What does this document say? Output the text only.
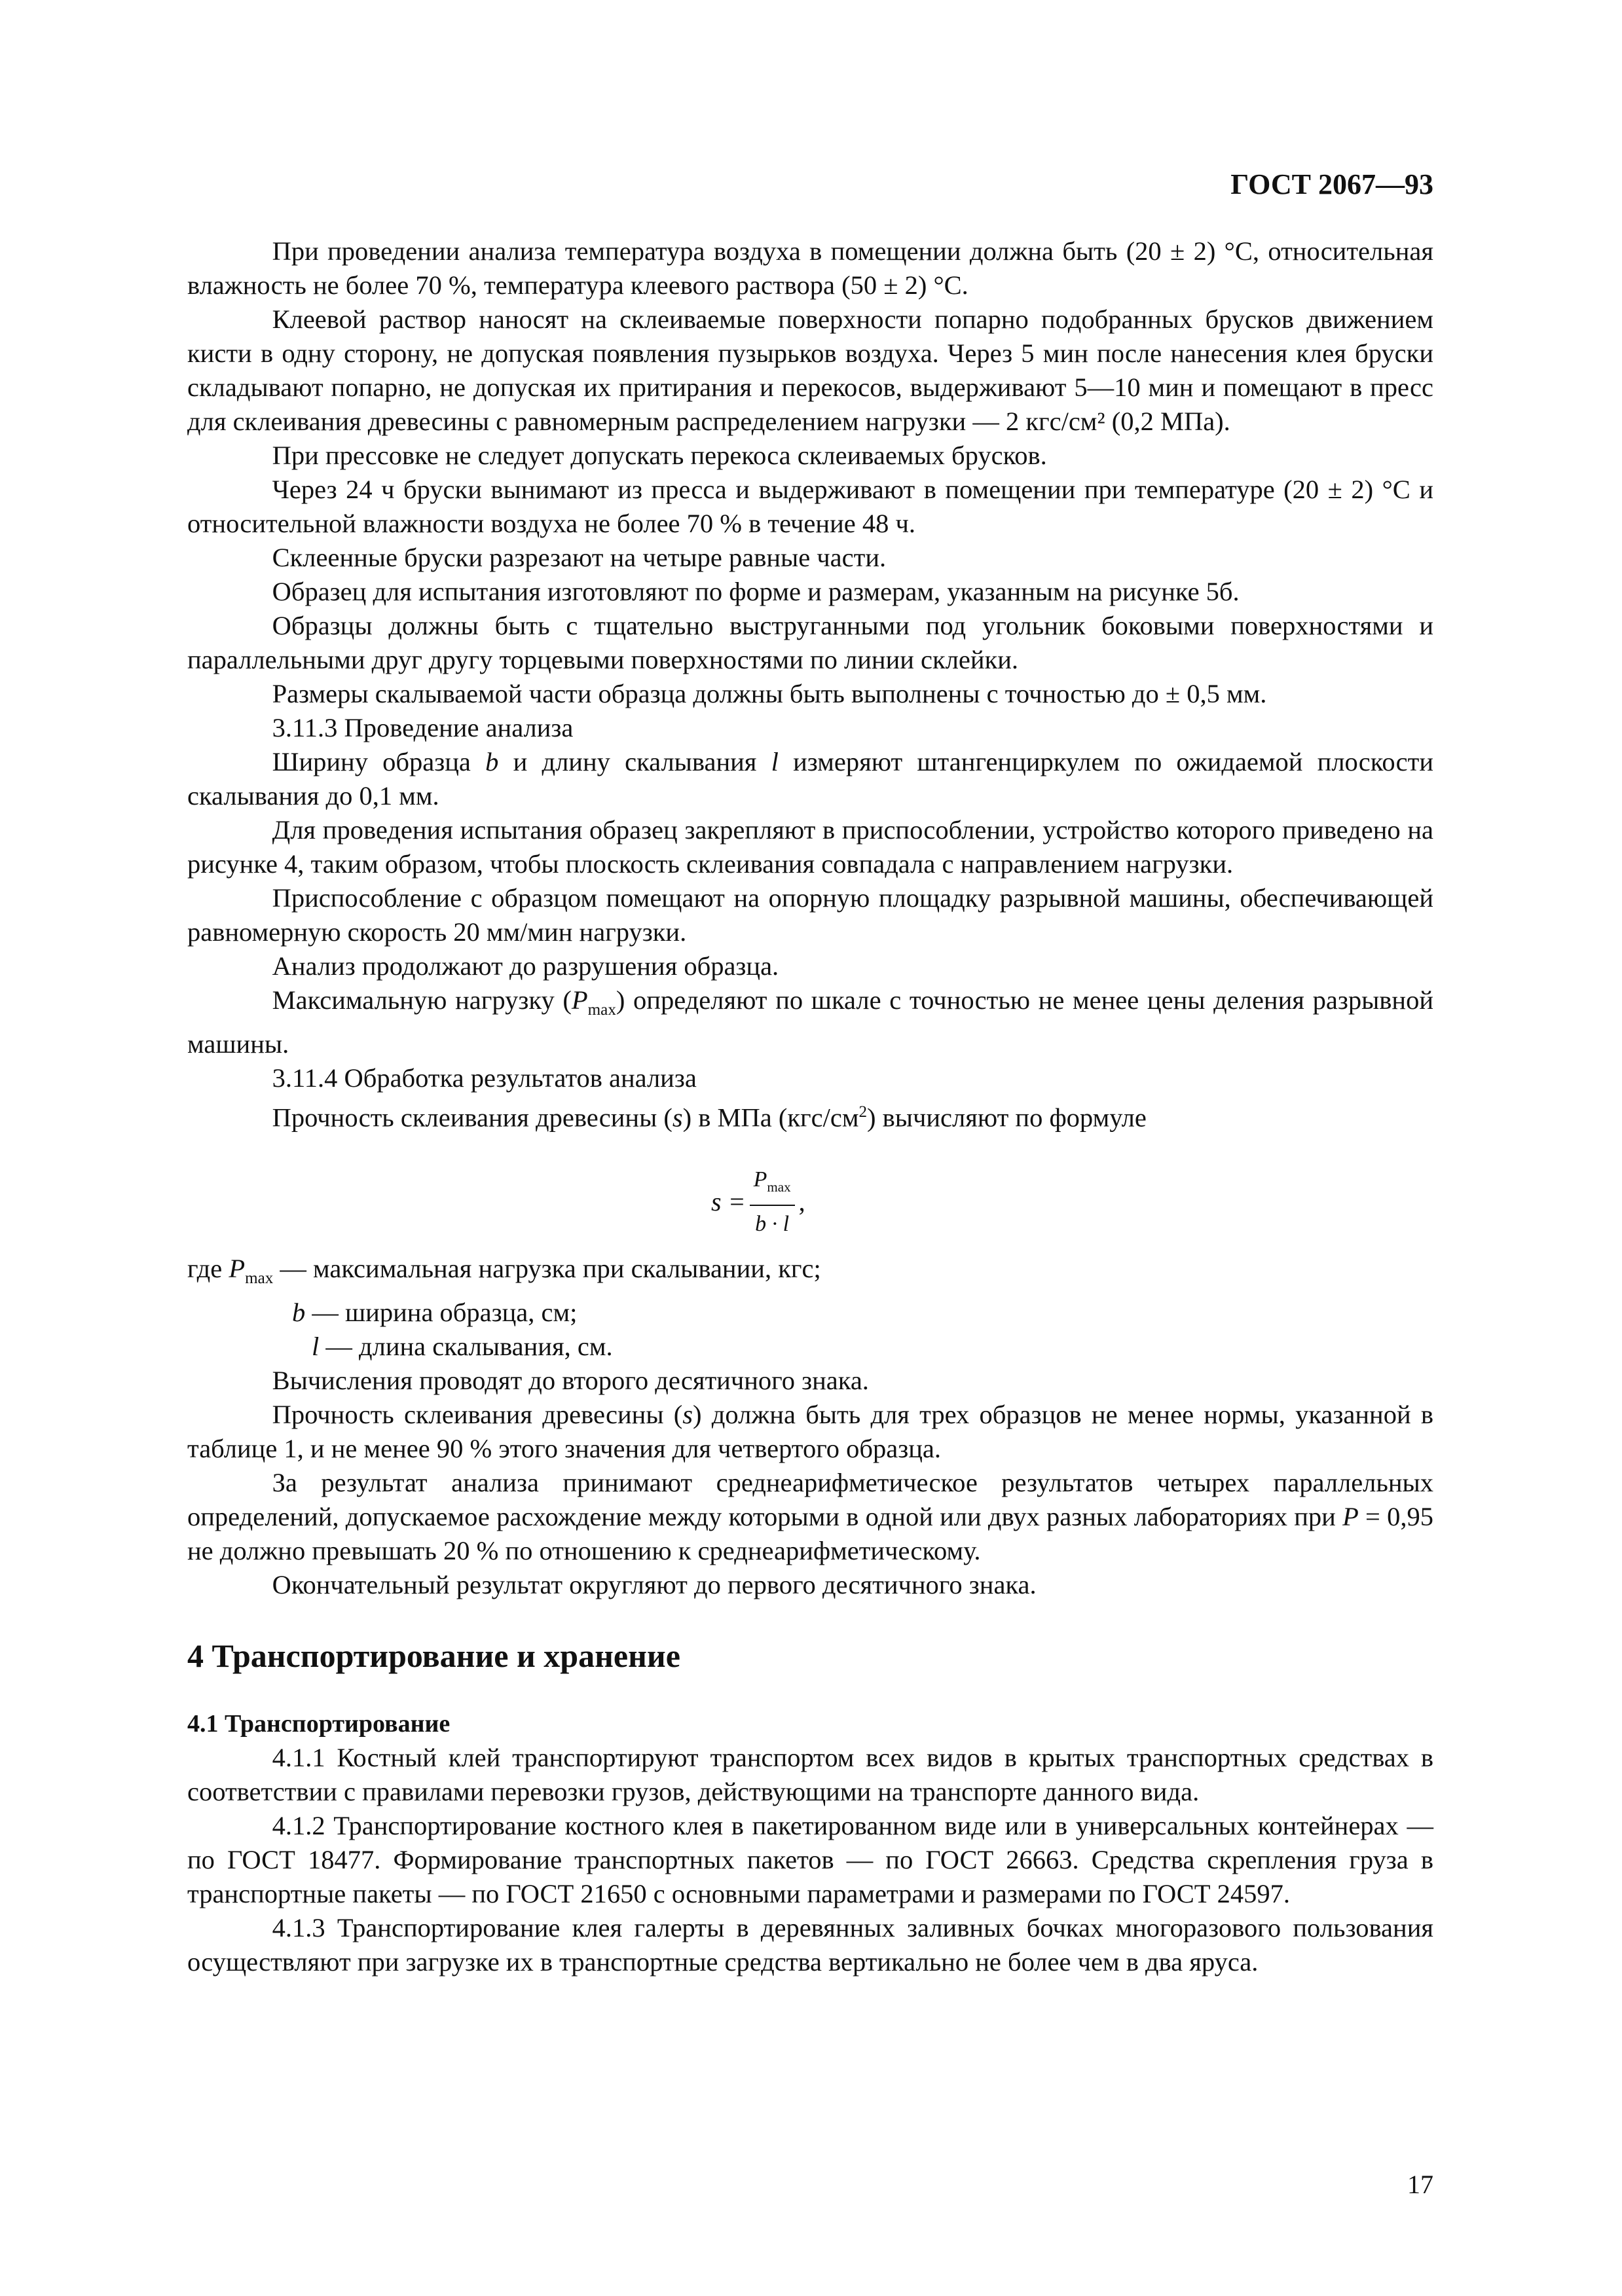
ГОСТ 2067—93

При проведении анализа температура воздуха в помещении должна быть (20 ± 2) °С, относительная влажность не более 70 %, температура клеевого раствора (50 ± 2) °С.

Клеевой раствор наносят на склеиваемые поверхности попарно подобранных брусков движением кисти в одну сторону, не допуская появления пузырьков воздуха. Через 5 мин после нанесения клея бруски складывают попарно, не допуская их притирания и перекосов, выдерживают 5—10 мин и помещают в пресс для склеивания древесины с равномерным распределением нагрузки — 2 кгс/см² (0,2 МПа).

При прессовке не следует допускать перекоса склеиваемых брусков.

Через 24 ч бруски вынимают из пресса и выдерживают в помещении при температуре (20 ± 2) °С и относительной влажности воздуха не более 70 % в течение 48 ч.

Склеенные бруски разрезают на четыре равные части.

Образец для испытания изготовляют по форме и размерам, указанным на рисунке 5б.

Образцы должны быть с тщательно выструганными под угольник боковыми поверхностями и параллельными друг другу торцевыми поверхностями по линии склейки.

Размеры скалываемой части образца должны быть выполнены с точностью до ± 0,5 мм.

3.11.3 Проведение анализа

Ширину образца b и длину скалывания l измеряют штангенциркулем по ожидаемой плоскости скалывания до 0,1 мм.

Для проведения испытания образец закрепляют в приспособлении, устройство которого приведено на рисунке 4, таким образом, чтобы плоскость склеивания совпадала с направлением нагрузки.

Приспособление с образцом помещают на опорную площадку разрывной машины, обеспечивающей равномерную скорость 20 мм/мин нагрузки.

Анализ продолжают до разрушения образца.

Максимальную нагрузку $(P_{max})$ определяют по шкале с точностью не менее цены деления разрывной машины.

3.11.4 Обработка результатов анализа

Прочность склеивания древесины (s) в МПа $(кгс/см^2)$ вычисляют по формуле

$s = \frac{P_{max}}{b \cdot l}$ ,

где $P_{max}$ — максимальная нагрузка при скалывании, кгс;

b — ширина образца, см;

l — длина скалывания, см.

Вычисления проводят до второго десятичного знака.

Прочность склеивания древесины (s) должна быть для трех образцов не менее нормы, указанной в таблице 1, и не менее 90 % этого значения для четвертого образца.

За результат анализа принимают среднеарифметическое результатов четырех параллельных определений, допускаемое расхождение между которыми в одной или двух разных лабораториях при P = 0,95 не должно превышать 20 % по отношению к среднеарифметическому.

Окончательный результат округляют до первого десятичного знака.

4 Транспортирование и хранение
4.1 Транспортирование

4.1.1 Костный клей транспортируют транспортом всех видов в крытых транспортных средствах в соответствии с правилами перевозки грузов, действующими на транспорте данного вида.

4.1.2 Транспортирование костного клея в пакетированном виде или в универсальных контейнерах — по ГОСТ 18477. Формирование транспортных пакетов — по ГОСТ 26663. Средства скрепления груза в транспортные пакеты — по ГОСТ 21650 с основными параметрами и размерами по ГОСТ 24597.

4.1.3 Транспортирование клея галерты в деревянных заливных бочках многоразового пользования осуществляют при загрузке их в транспортные средства вертикально не более чем в два яруса.

17
